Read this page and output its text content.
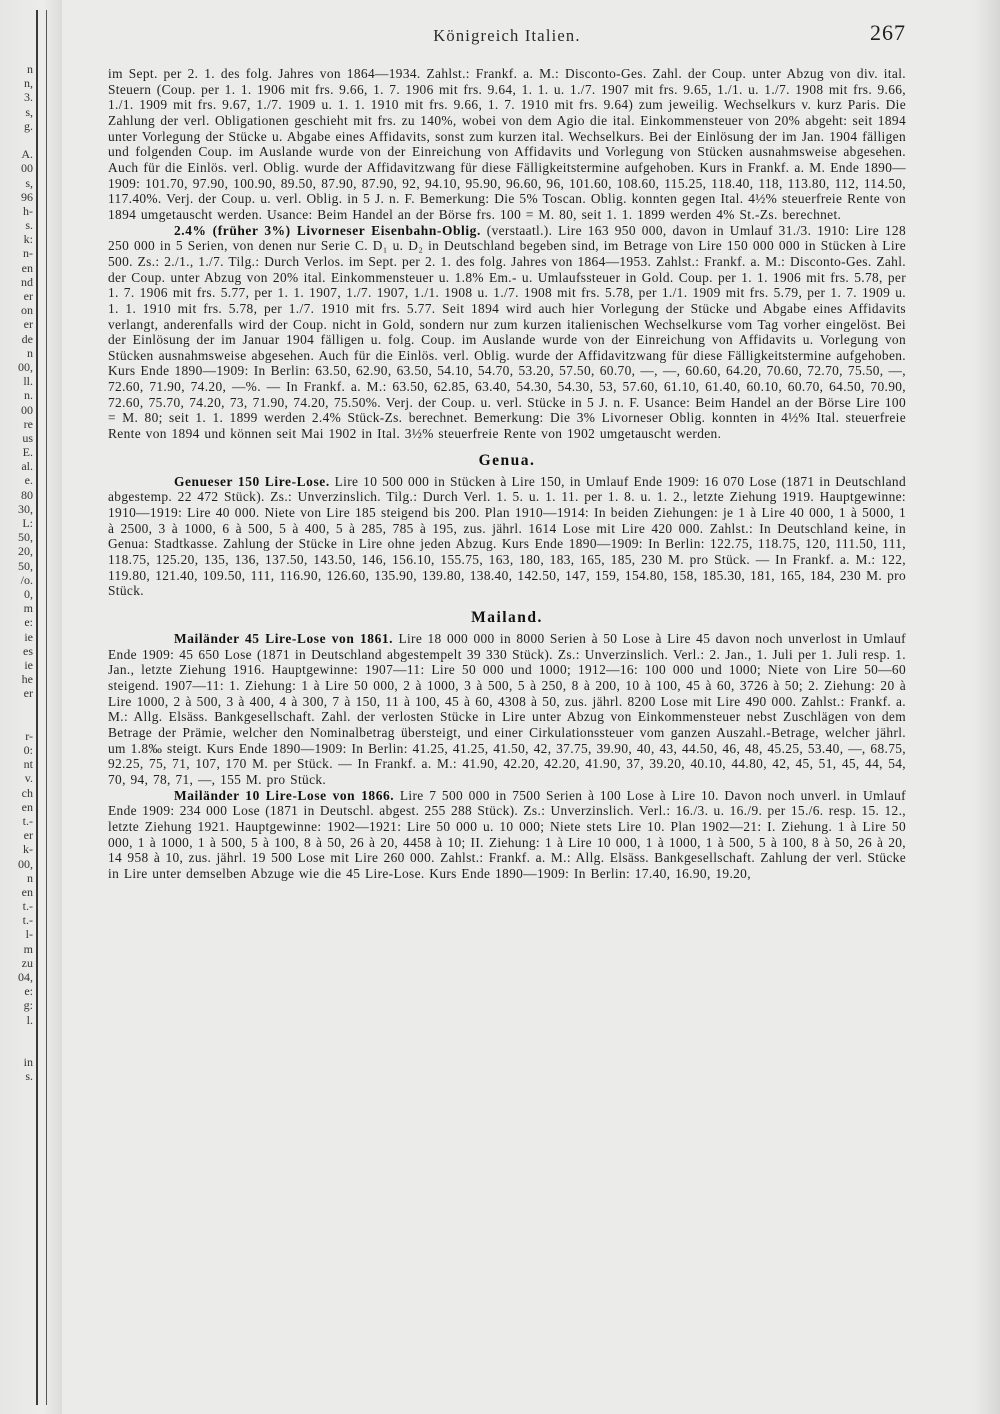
n
n,
3.
s,
g.
A.
00
s,
96
h-
s.
k:
n-
en
nd
er
on
er
de
n
00,
ll.
n.
00
re
us
E.
al.
e.
80
30,
L:
50,
20,
50,
/o.
0,
m
e:
ie
es
ie
he
er
r-
0:
nt
v.
ch
en
t.-
er
k-
00,
n
en
t.-
t.-
l-
m
zu
04,
e:
g:
l.
in
s.
Königreich Italien.	267

im Sept. per 2. 1. des folg. Jahres von 1864—1934. Zahlst.: Frankf. a. M.: Disconto-Ges. Zahl. der Coup. unter Abzug von div. ital. Steuern (Coup. per 1. 1. 1906 mit frs. 9.66, 1. 7. 1906 mit frs. 9.64, 1. 1. u. 1./7. 1907 mit frs. 9.65, 1./1. u. 1./7. 1908 mit frs. 9.66, 1./1. 1909 mit frs. 9.67, 1./7. 1909 u. 1. 1. 1910 mit frs. 9.66, 1. 7. 1910 mit frs. 9.64) zum jeweilig. Wechselkurs v. kurz Paris. Die Zahlung der verl. Obligationen geschieht mit frs. zu 140%, wobei von dem Agio die ital. Einkommensteuer von 20% abgeht: seit 1894 unter Vorlegung der Stücke u. Abgabe eines Affidavits, sonst zum kurzen ital. Wechselkurs. Bei der Einlösung der im Jan. 1904 fälligen und folgenden Coup. im Auslande wurde von der Einreichung von Affidavits und Vorlegung von Stücken ausnahmsweise abgesehen. Auch für die Einlös. verl. Oblig. wurde der Affidavitzwang für diese Fälligkeitstermine aufgehoben. Kurs in Frankf. a. M. Ende 1890—1909: 101.70, 97.90, 100.90, 89.50, 87.90, 87.90, 92, 94.10, 95.90, 96.60, 96, 101.60, 108.60, 115.25, 118.40, 118, 113.80, 112, 114.50, 117.40%. Verj. der Coup. u. verl. Oblig. in 5 J. n. F. Bemerkung: Die 5% Toscan. Oblig. konnten gegen Ital. 4½% steuerfreie Rente von 1894 umgetauscht werden. Usance: Beim Handel an der Börse frs. 100 = M. 80, seit 1. 1. 1899 werden 4% St.-Zs. berechnet.

2.4% (früher 3%) Livorneser Eisenbahn-Oblig. (verstaatl.). Lire 163 950 000, davon in Umlauf 31./3. 1910: Lire 128 250 000 in 5 Serien, von denen nur Serie C. D₁ u. D₂ in Deutschland begeben sind, im Betrage von Lire 150 000 000 in Stücken à Lire 500. Zs.: 2./1., 1./7. Tilg.: Durch Verlos. im Sept. per 2. 1. des folg. Jahres von 1864—1953. Zahlst.: Frankf. a. M.: Disconto-Ges. Zahl. der Coup. unter Abzug von 20% ital. Einkommensteuer u. 1.8% Em.- u. Umlaufssteuer in Gold. Coup. per 1. 1. 1906 mit frs. 5.78, per 1. 7. 1906 mit frs. 5.77, per 1. 1. 1907, 1./7. 1907, 1./1. 1908 u. 1./7. 1908 mit frs. 5.78, per 1./1. 1909 mit frs. 5.79, per 1. 7. 1909 u. 1. 1. 1910 mit frs. 5.78, per 1./7. 1910 mit frs. 5.77. Seit 1894 wird auch hier Vorlegung der Stücke und Abgabe eines Affidavits verlangt, anderenfalls wird der Coup. nicht in Gold, sondern nur zum kurzen italienischen Wechselkurse vom Tag vorher eingelöst. Bei der Einlösung der im Januar 1904 fälligen u. folg. Coup. im Auslande wurde von der Einreichung von Affidavits u. Vorlegung von Stücken ausnahmsweise abgesehen. Auch für die Einlös. verl. Oblig. wurde der Affidavitzwang für diese Fälligkeitstermine aufgehoben. Kurs Ende 1890—1909: In Berlin: 63.50, 62.90, 63.50, 54.10, 54.70, 53.20, 57.50, 60.70, —, —, 60.60, 64.20, 70.60, 72.70, 75.50, —, 72.60, 71.90, 74.20, —%. — In Frankf. a. M.: 63.50, 62.85, 63.40, 54.30, 54.30, 53, 57.60, 61.10, 61.40, 60.10, 60.70, 64.50, 70.90, 72.60, 75.70, 74.20, 73, 71.90, 74.20, 75.50%. Verj. der Coup. u. verl. Stücke in 5 J. n. F. Usance: Beim Handel an der Börse Lire 100 = M. 80; seit 1. 1. 1899 werden 2.4% Stück-Zs. berechnet. Bemerkung: Die 3% Livorneser Oblig. konnten in 4½% Ital. steuerfreie Rente von 1894 und können seit Mai 1902 in Ital. 3½% steuerfreie Rente von 1902 umgetauscht werden.

Genua.

Genueser 150 Lire-Lose. Lire 10 500 000 in Stücken à Lire 150, in Umlauf Ende 1909: 16 070 Lose (1871 in Deutschland abgestemp. 22 472 Stück). Zs.: Unverzinslich. Tilg.: Durch Verl. 1. 5. u. 1. 11. per 1. 8. u. 1. 2., letzte Ziehung 1919. Hauptgewinne: 1910—1919: Lire 40 000. Niete von Lire 185 steigend bis 200. Plan 1910—1914: In beiden Ziehungen: je 1 à Lire 40 000, 1 à 5000, 1 à 2500, 3 à 1000, 6 à 500, 5 à 400, 5 à 285, 785 à 195, zus. jährl. 1614 Lose mit Lire 420 000. Zahlst.: In Deutschland keine, in Genua: Stadtkasse. Zahlung der Stücke in Lire ohne jeden Abzug. Kurs Ende 1890—1909: In Berlin: 122.75, 118.75, 120, 111.50, 111, 118.75, 125.20, 135, 136, 137.50, 143.50, 146, 156.10, 155.75, 163, 180, 183, 165, 185, 230 M. pro Stück. — In Frankf. a. M.: 122, 119.80, 121.40, 109.50, 111, 116.90, 126.60, 135.90, 139.80, 138.40, 142.50, 147, 159, 154.80, 158, 185.30, 181, 165, 184, 230 M. pro Stück.

Mailand.

Mailänder 45 Lire-Lose von 1861. Lire 18 000 000 in 8000 Serien à 50 Lose à Lire 45 davon noch unverlost in Umlauf Ende 1909: 45 650 Lose (1871 in Deutschland abgestempelt 39 330 Stück). Zs.: Unverzinslich. Verl.: 2. Jan., 1. Juli per 1. Juli resp. 1. Jan., letzte Ziehung 1916. Hauptgewinne: 1907—11: Lire 50 000 und 1000; 1912—16: 100 000 und 1000; Niete von Lire 50—60 steigend. 1907—11: 1. Ziehung: 1 à Lire 50 000, 2 à 1000, 3 à 500, 5 à 250, 8 à 200, 10 à 100, 45 à 60, 3726 à 50; 2. Ziehung: 20 à Lire 1000, 2 à 500, 3 à 400, 4 à 300, 7 à 150, 11 à 100, 45 à 60, 4308 à 50, zus. jährl. 8200 Lose mit Lire 490 000. Zahlst.: Frankf. a. M.: Allg. Elsäss. Bankgesellschaft. Zahl. der verlosten Stücke in Lire unter Abzug von Einkommensteuer nebst Zuschlägen von dem Betrage der Prämie, welcher den Nominalbetrag übersteigt, und einer Cirkulationssteuer vom ganzen Auszahl.-Betrage, welcher jährl. um 1.8‰ steigt. Kurs Ende 1890—1909: In Berlin: 41.25, 41.25, 41.50, 42, 37.75, 39.90, 40, 43, 44.50, 46, 48, 45.25, 53.40, —, 68.75, 92.25, 75, 71, 107, 170 M. per Stück. — In Frankf. a. M.: 41.90, 42.20, 42.20, 41.90, 37, 39.20, 40.10, 44.80, 42, 45, 51, 45, 44, 54, 70, 94, 78, 71, —, 155 M. pro Stück.

Mailänder 10 Lire-Lose von 1866. Lire 7 500 000 in 7500 Serien à 100 Lose à Lire 10. Davon noch unverl. in Umlauf Ende 1909: 234 000 Lose (1871 in Deutschl. abgest. 255 288 Stück). Zs.: Unverzinslich. Verl.: 16./3. u. 16./9. per 15./6. resp. 15. 12., letzte Ziehung 1921. Hauptgewinne: 1902—1921: Lire 50 000 u. 10 000; Niete stets Lire 10. Plan 1902—21: I. Ziehung. 1 à Lire 50 000, 1 à 1000, 1 à 500, 5 à 100, 8 à 50, 26 à 20, 4458 à 10; II. Ziehung: 1 à Lire 10 000, 1 à 1000, 1 à 500, 5 à 100, 8 à 50, 26 à 20, 14 958 à 10, zus. jährl. 19 500 Lose mit Lire 260 000. Zahlst.: Frankf. a. M.: Allg. Elsäss. Bankgesellschaft. Zahlung der verl. Stücke in Lire unter demselben Abzuge wie die 45 Lire-Lose. Kurs Ende 1890—1909: In Berlin: 17.40, 16.90, 19.20,
